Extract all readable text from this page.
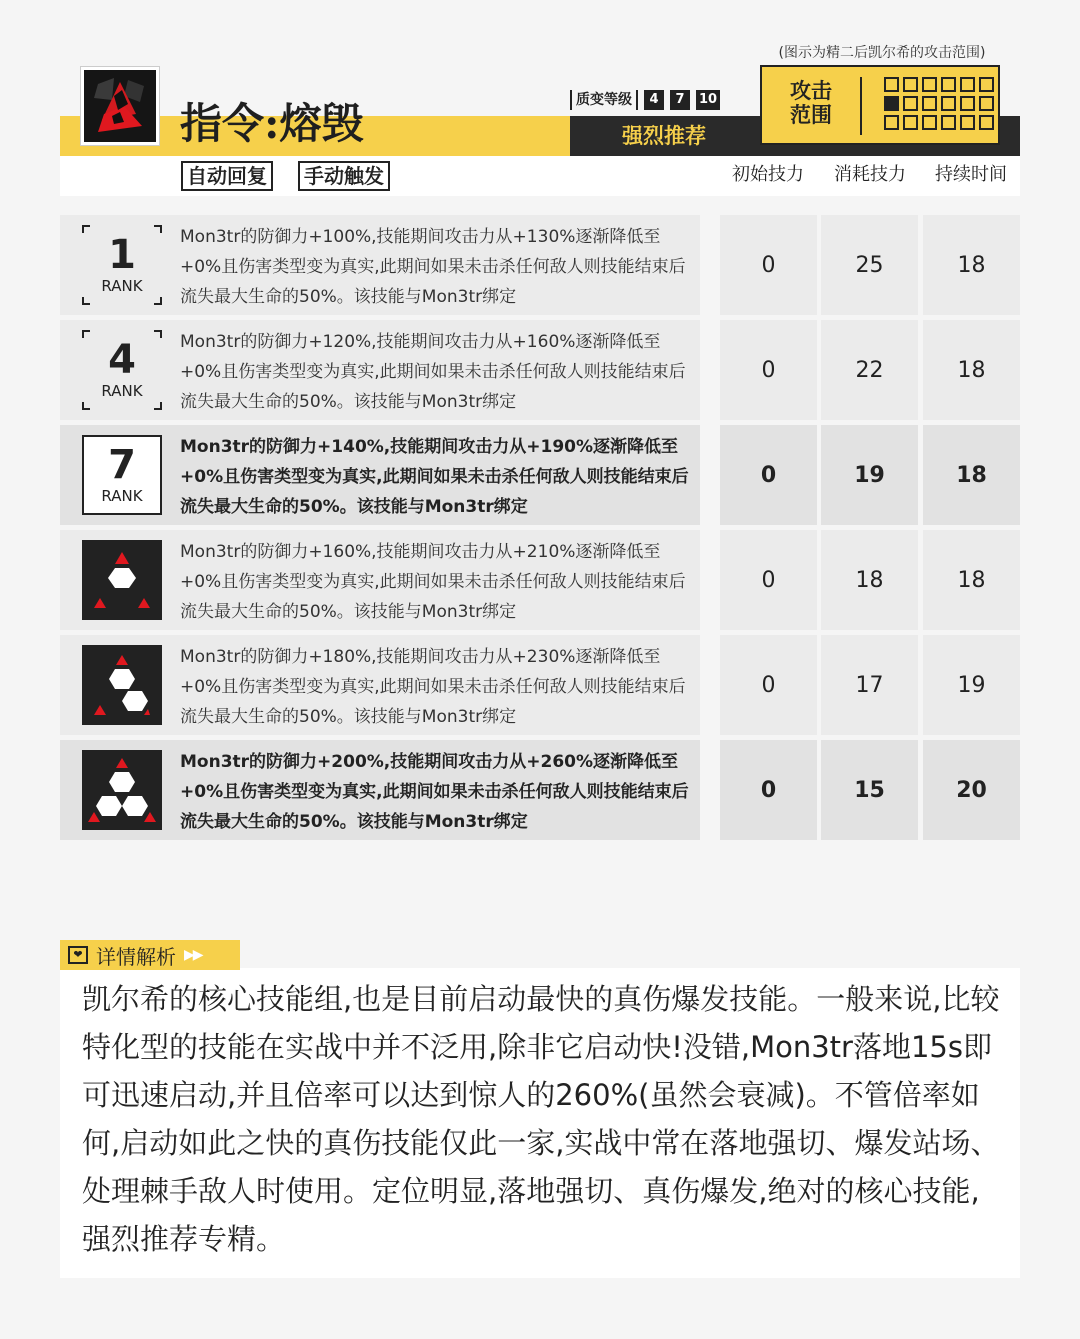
(图示为精二后凯尔希的攻击范围)
指令:熔毁	质变等级	4	7	10
强烈推荐
攻击范围
自动回复	手动触发	初始技力	消耗技力	持续时间
1
RANK
Mon3tr的防御力+100%,技能期间攻击力从+130%逐渐降低至+0%且伤害类型变为真实,此期间如果未击杀任何敌人则技能结束后流失最大生命的50%。该技能与Mon3tr绑定
0	25	18
4
RANK
Mon3tr的防御力+120%,技能期间攻击力从+160%逐渐降低至+0%且伤害类型变为真实,此期间如果未击杀任何敌人则技能结束后流失最大生命的50%。该技能与Mon3tr绑定
0	22	18
7
RANK
Mon3tr的防御力+140%,技能期间攻击力从+190%逐渐降低至+0%且伤害类型变为真实,此期间如果未击杀任何敌人则技能结束后流失最大生命的50%。该技能与Mon3tr绑定
0	19	18
Mon3tr的防御力+160%,技能期间攻击力从+210%逐渐降低至+0%且伤害类型变为真实,此期间如果未击杀任何敌人则技能结束后流失最大生命的50%。该技能与Mon3tr绑定
0	18	18
Mon3tr的防御力+180%,技能期间攻击力从+230%逐渐降低至+0%且伤害类型变为真实,此期间如果未击杀任何敌人则技能结束后流失最大生命的50%。该技能与Mon3tr绑定
0	17	19
Mon3tr的防御力+200%,技能期间攻击力从+260%逐渐降低至+0%且伤害类型变为真实,此期间如果未击杀任何敌人则技能结束后流失最大生命的50%。该技能与Mon3tr绑定
0	15	20
❤ 详情解析 ▶▶
凯尔希的核心技能组,也是目前启动最快的真伤爆发技能。一般来说,比较特化型的技能在实战中并不泛用,除非它启动快!没错,Mon3tr落地15s即可迅速启动,并且倍率可以达到惊人的260%(虽然会衰减)。不管倍率如何,启动如此之快的真伤技能仅此一家,实战中常在落地强切、爆发站场、处理棘手敌人时使用。定位明显,落地强切、真伤爆发,绝对的核心技能,强烈推荐专精。
